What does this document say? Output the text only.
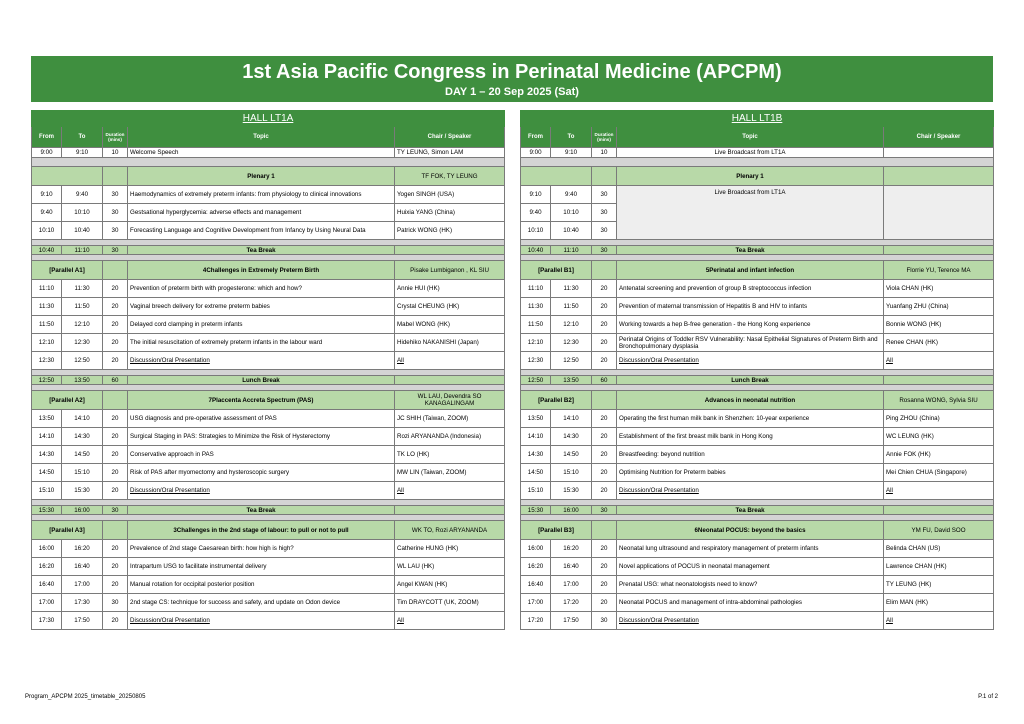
1st Asia Pacific Congress in Perinatal Medicine (APCPM)
DAY 1 – 20 Sep 2025 (Sat)
HALL LT1A				
From	To	Duration (mins)	Topic	Chair / Speaker
9:00	9:10	10	Welcome Speech	TY LEUNG, Simon LAM

			Plenary 1	TF FOK, TY LEUNG
9:10	9:40	30	Haemodynamics of extremely preterm infants: from physiology to clinical innovations	Yogen SINGH (USA)
9:40	10:10	30	Gestsational hyperglycemia: adverse effects and management	Huixia YANG (China)
10:10	10:40	30	Forecasting Language and Cognitive Development from Infancy by Using Neural Data	Patrick WONG (HK)

10:40	11:10	30	Tea Break	

[Parallel A1]			4Challenges in Extremely Preterm Birth	Pisake Lumbiganon , KL SIU
11:10	11:30	20	Prevention of preterm birth with progesterone: which and how?	Annie HUI (HK)
11:30	11:50	20	Vaginal breech delivery for extreme preterm babies	Crystal CHEUNG (HK)
11:50	12:10	20	Delayed cord clamping in preterm infants	Mabel WONG (HK)
12:10	12:30	20	The initial resuscitation of extremely preterm infants in the labour ward	Hidehiko NAKANISHI (Japan)
12:30	12:50	20	Discussion/Oral Presentation	All

12:50	13:50	60	Lunch Break	

[Parallel A2]			7Placcenta Accreta Spectrum (PAS)	WL LAU, Devendra SO KANAGALINGAM
13:50	14:10	20	USG diagnosis and pre-operative assessment of PAS	JC SHIH (Taiwan, ZOOM)
14:10	14:30	20	Surgical Staging in PAS: Strategies to Minimize the Risk of Hysterectomy	Rozi ARYANANDA (Indonesia)
14:30	14:50	20	Conservative approach in PAS	TK LO (HK)
14:50	15:10	20	Risk of PAS after myomectomy and hysteroscopic surgery	MW LIN (Taiwan, ZOOM)
15:10	15:30	20	Discussion/Oral Presentation	All

15:30	16:00	30	Tea Break	

[Parallel A3]			3Challenges in the 2nd stage of labour: to pull or not to pull	WK TO, Rozi ARYANANDA
16:00	16:20	20	Prevalence of 2nd stage Caesarean birth: how high is high?	Catherine HUNG (HK)
16:20	16:40	20	Intrapartum USG to facilitate instrumental delivery	WL LAU (HK)
16:40	17:00	20	Manual rotation for occipital posterior position	Angel KWAN (HK)
17:00	17:30	30	2nd stage CS: technique for success and safety, and update on Odon device	Tim DRAYCOTT (UK, ZOOM)
17:30	17:50	20	Discussion/Oral Presentation	All
HALL LT1B				
From	To	Duration (mins)	Topic	Chair / Speaker
9:00	9:10	10	Live Broadcast from LT1A	

			Plenary 1	
9:10	9:40	30	Live Broadcast from LT1A	
9:40	10:10	30		
10:10	10:40	30		

10:40	11:10	30	Tea Break	

[Parallel B1]			5Perinatal and infant infection	Florrie YU, Terence MA
11:10	11:30	20	Antenatal screening and prevention of group B streptococcus infection	Viola CHAN (HK)
11:30	11:50	20	Prevention of maternal transmission of Hepatitis B and HIV to infants	Yuanfang ZHU (China)
11:50	12:10	20	Working towards a hep B-free generation - the Hong Kong experience	Bonnie WONG (HK)
12:10	12:30	20	Perinatal Origins of Toddler RSV Vulnerability: Nasal Epithelial Signatures of Preterm Birth and Bronchopulmonary dysplasia	Renee CHAN (HK)
12:30	12:50	20	Discussion/Oral Presentation	All

12:50	13:50	60	Lunch Break	

[Parallel B2]			Advances in neonatal nutrition	Rosanna WONG, Sylvia SIU
13:50	14:10	20	Operating the first human milk bank in Shenzhen: 10-year experience	Ping ZHOU (China)
14:10	14:30	20	Establishment of the first breast milk bank in Hong Kong	WC LEUNG (HK)
14:30	14:50	20	Breastfeeding: beyond nutrition	Annie FOK (HK)
14:50	15:10	20	Optimising Nutrition for Preterm babies	Mei Chien CHUA (Singapore)
15:10	15:30	20	Discussion/Oral Presentation	All

15:30	16:00	30	Tea Break	

[Parallel B3]			6Neonatal POCUS: beyond the basics	YM FU, David SOO
16:00	16:20	20	Neonatal lung ultrasound and respiratory management of preterm infants	Belinda CHAN (US)
16:20	16:40	20	Novel applications of POCUS in neonatal management	Lawrence CHAN (HK)
16:40	17:00	20	Prenatal USG: what neonatologists need to know?	TY LEUNG (HK)
17:00	17:20	20	Neonatal POCUS and management of intra-abdominal pathologies	Elim MAN (HK)
17:20	17:50	30	Discussion/Oral Presentation	All
Program_APCPM 2025_timetable_20250805	P.1 of 2
